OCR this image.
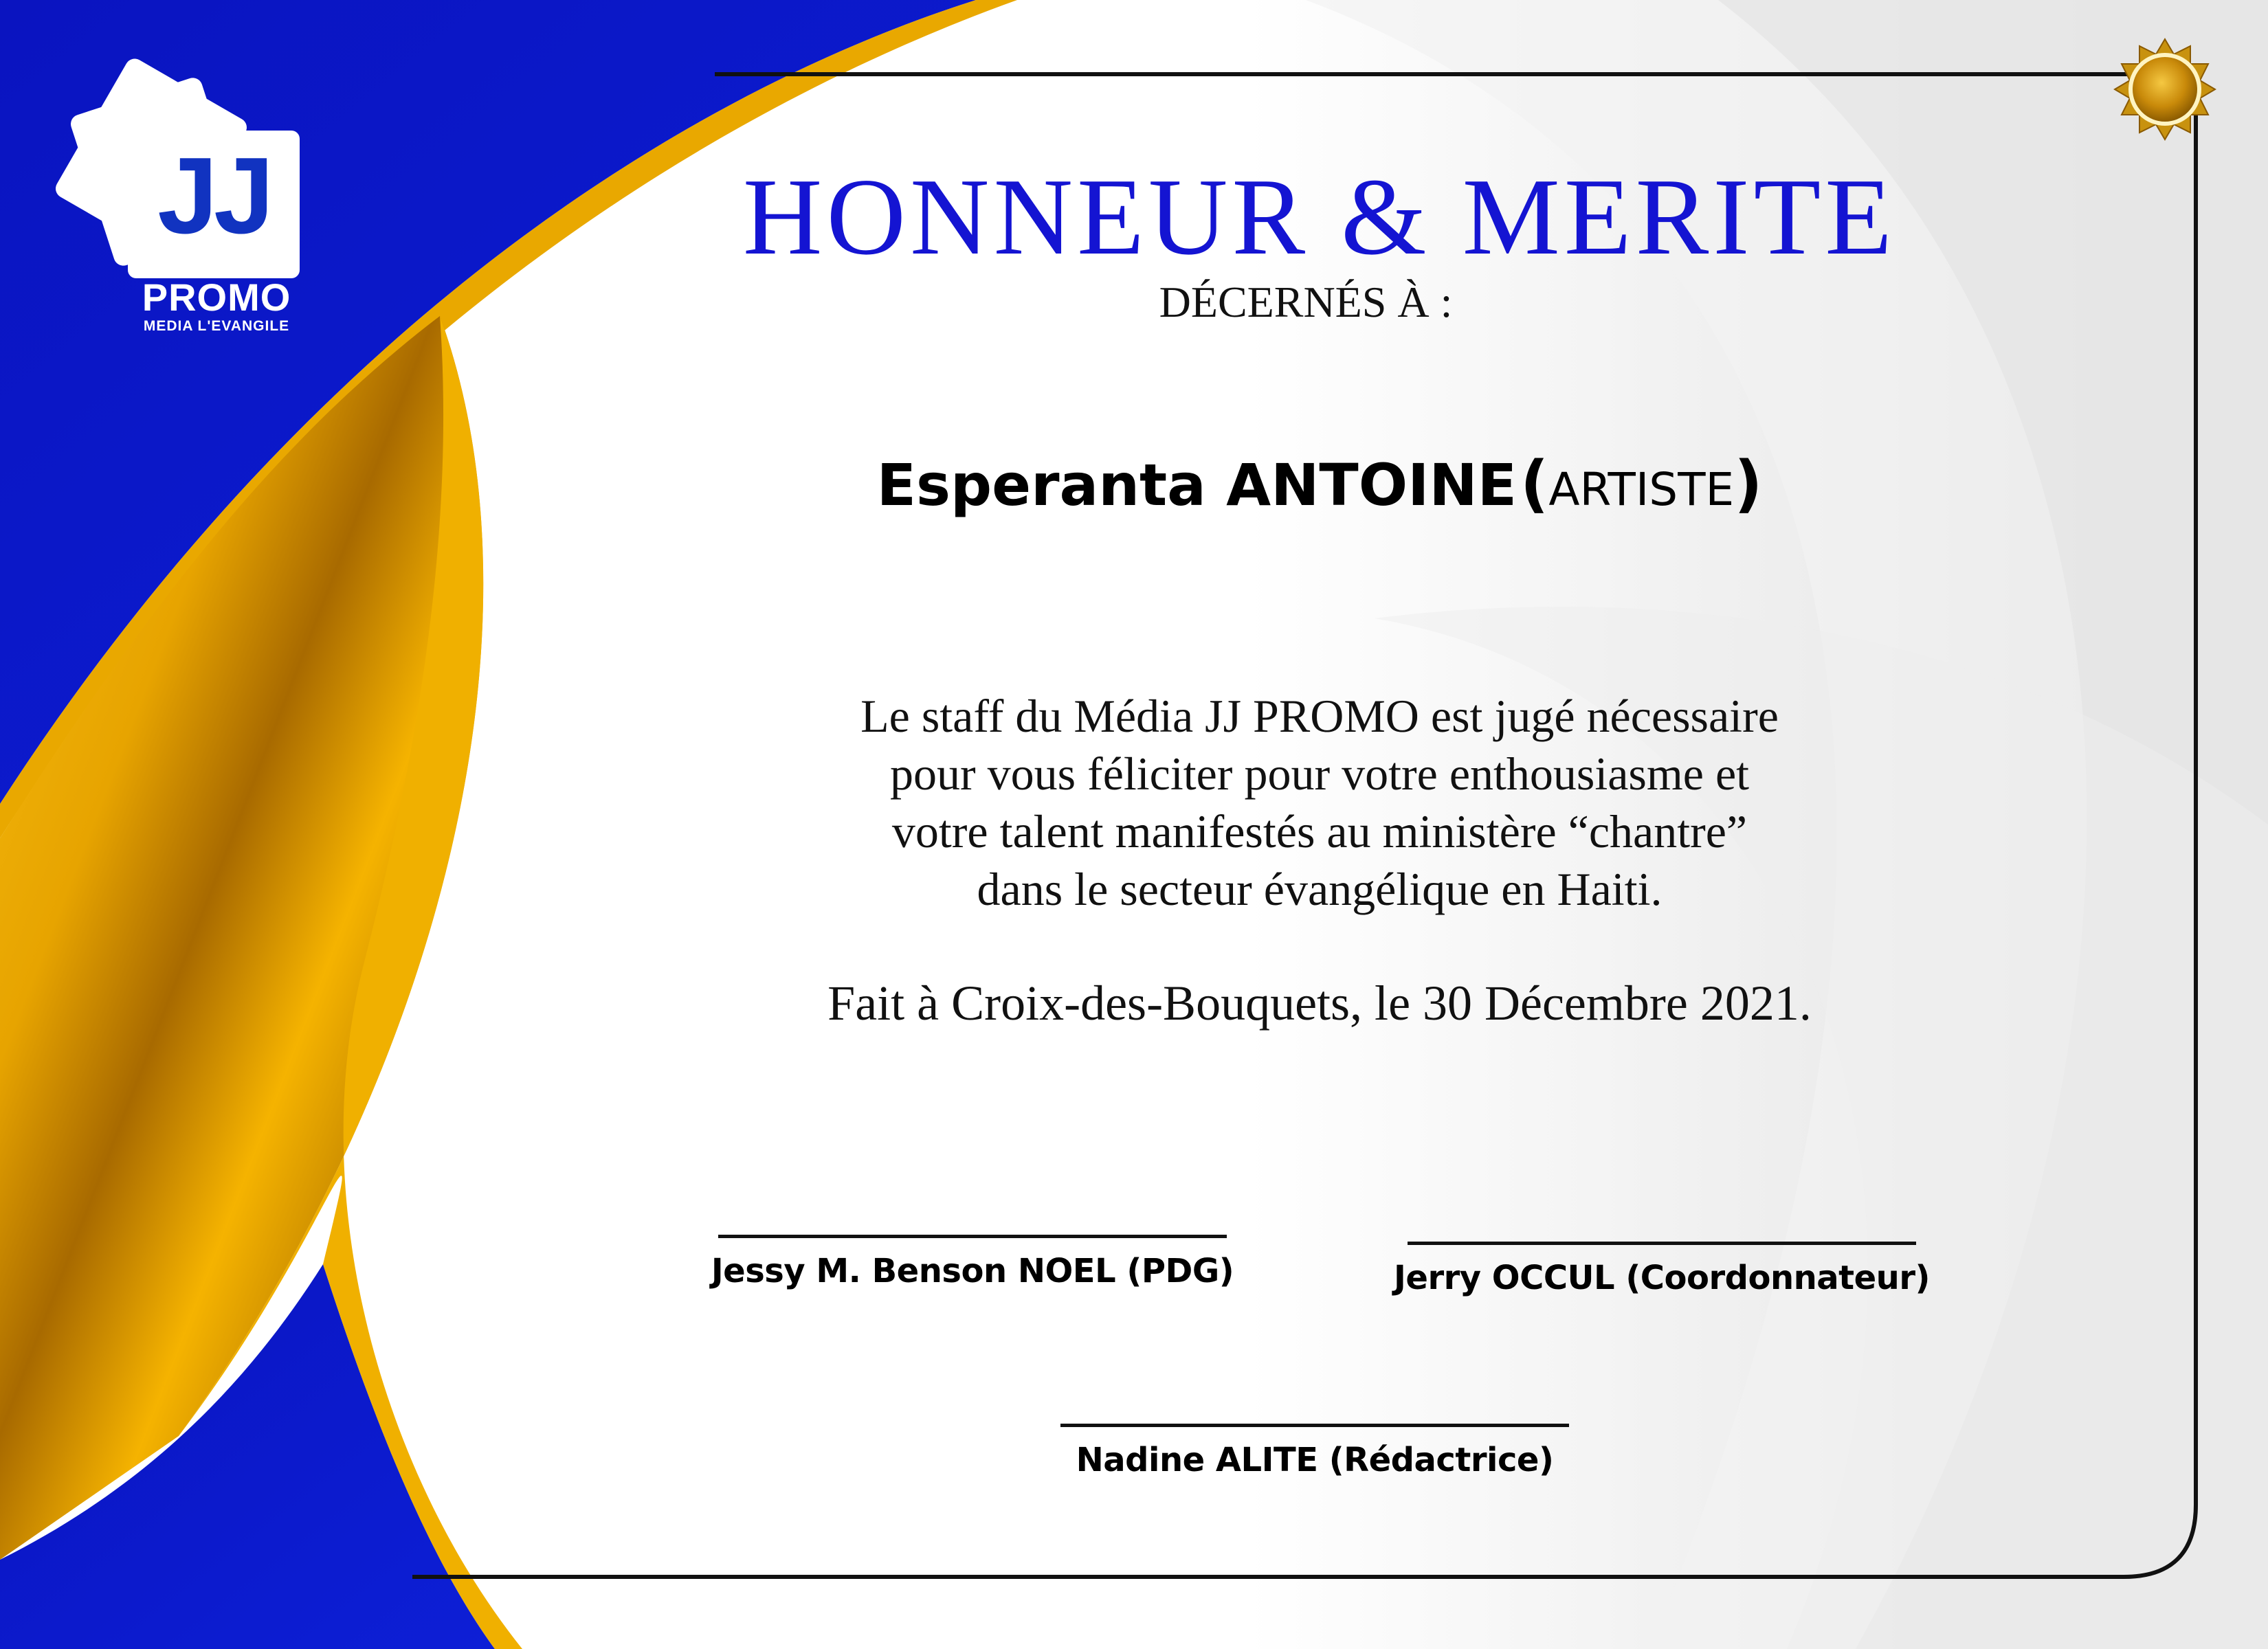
JJ
PROMO
MEDIA L'EVANGILE
HONNEUR & MERITE
DÉCERNÉS À :
Esperanta ANTOINE (ARTISTE)
Le staff du Média JJ PROMO est jugé nécessaire
pour vous féliciter pour votre enthousiasme et
votre talent manifestés au ministère “chantre”
dans le secteur évangélique en Haiti.
Fait à Croix-des-Bouquets, le 30 Décembre 2021.
Jessy M. Benson NOEL (PDG)	Jerry OCCUL (Coordonnateur)
Nadine ALITE (Rédactrice)
